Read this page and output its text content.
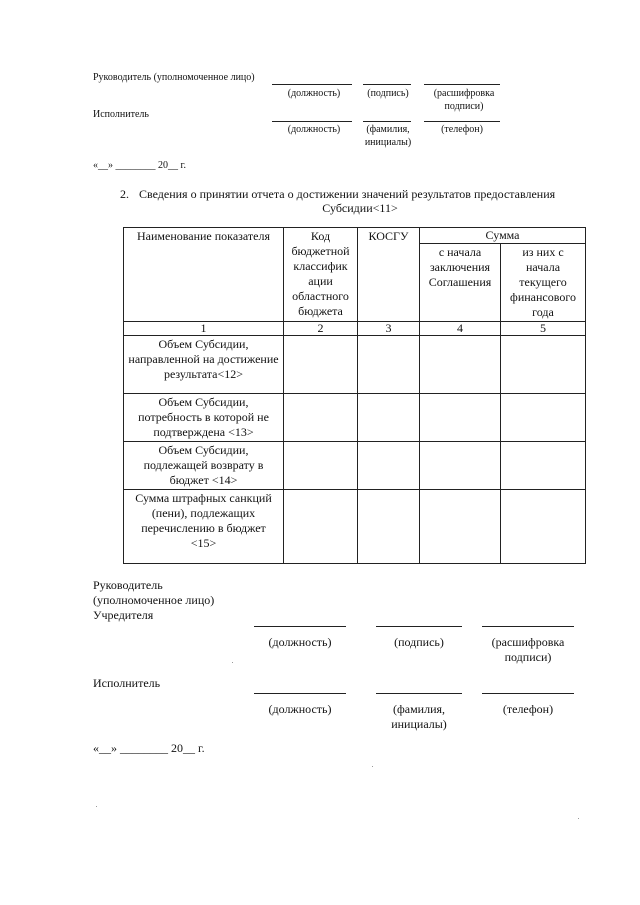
Руководитель (уполномоченное лицо)
(должность)	(подпись)	(расшифровка подписи)
Исполнитель
(должность)	(фамилия, инициалы)
(телефон)
«__» ________ 20__ г.
2. Сведения о принятии отчета о достижении значений результатов предоставления
Субсидии<11>
Наименование показателя	Код бюджетной классифик ации областного бюджета	КОСГУ	Сумма	
			с начала заключения Соглашения	из них с начала текущего финансового года
1	2	3	4	5
Объем Субсидии, направленной на достижение результата<12>				
Объем Субсидии, потребность в которой не подтверждена <13>				
Объем Субсидии, подлежащей возврату в бюджет <14>				
Сумма штрафных санкций (пени), подлежащих перечислению в бюджет <15>				
Руководитель
(уполномоченное лицо)
Учредителя
(должность)	(подпись)	(расшифровка подписи)
Исполнитель
(должность)	(фамилия, инициалы)
(телефон)
«__» ________ 20__ г.
